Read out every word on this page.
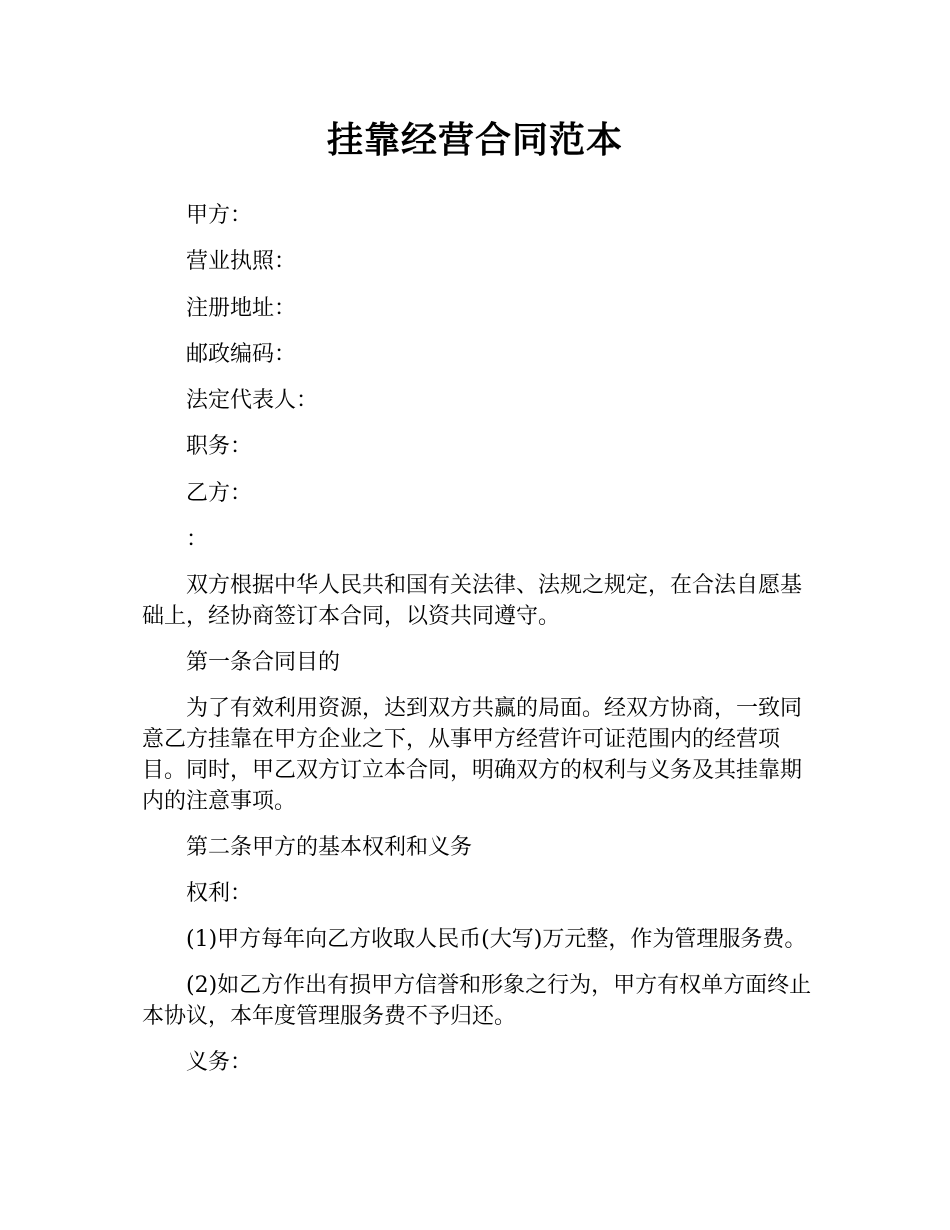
挂靠经营合同范本

甲方：

营业执照：

注册地址：

邮政编码：

法定代表人：

职务：

乙方：

：

双方根据中华人民共和国有关法律、法规之规定，在合法自愿基础上，经协商签订本合同，以资共同遵守。

第一条合同目的

为了有效利用资源，达到双方共赢的局面。经双方协商，一致同意乙方挂靠在甲方企业之下，从事甲方经营许可证范围内的经营项目。同时，甲乙双方订立本合同，明确双方的权利与义务及其挂靠期内的注意事项。

第二条甲方的基本权利和义务

权利：

(1)甲方每年向乙方收取人民币(大写)万元整，作为管理服务费。

(2)如乙方作出有损甲方信誉和形象之行为，甲方有权单方面终止本协议，本年度管理服务费不予归还。

义务：
